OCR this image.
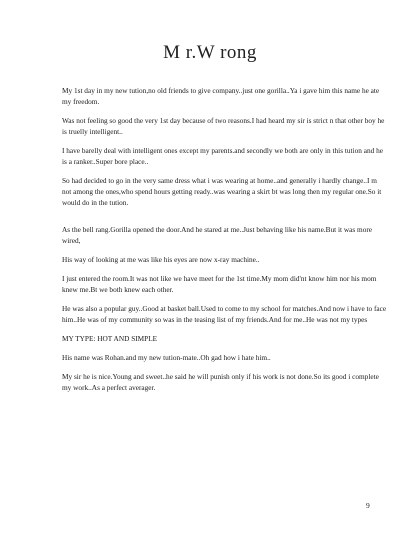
M r.W rong

My 1st day in my new tution,no old friends to give company..just one gorilla..Ya i gave him this name he ate my freedom.

Was not feeling so good the very 1st day because of two reasons.I had heard my sir is strict n that other boy he is truelly intelligent..

I have barelly deal with intelligent ones except my parents.and secondly we both are only in this tution and he is a ranker..Super bore place..

So had decided to go in the very same dress what i was wearing at home..and generally i hardly change..I m not among the ones,who spend hours getting ready..was wearing a skirt bt was long then my regular one.So it would do in the tution.

As the bell rang.Gorilla opened the door.And he stared at me..Just behaving like his name.But it was more wired,

His way of looking at me was like his eyes are now x-ray machine..

I just entered the room.It was not like we have meet for the 1st time.My mom did'nt know him nor his mom knew me.Bt we both knew each other.

He was also a popular guy..Good at basket ball.Used to come to my school for matches.And now i have to face him..He was of my community so was in the teasing list of my friends.And for me..He was not my types

MY TYPE: HOT AND SIMPLE

His name was Rohan.and my new tution-mate..Oh gad how i hate him..

My sir he is nice.Young and sweet..he said he will punish only if his work is not done.So its good i complete my work..As a perfect averager.

9
